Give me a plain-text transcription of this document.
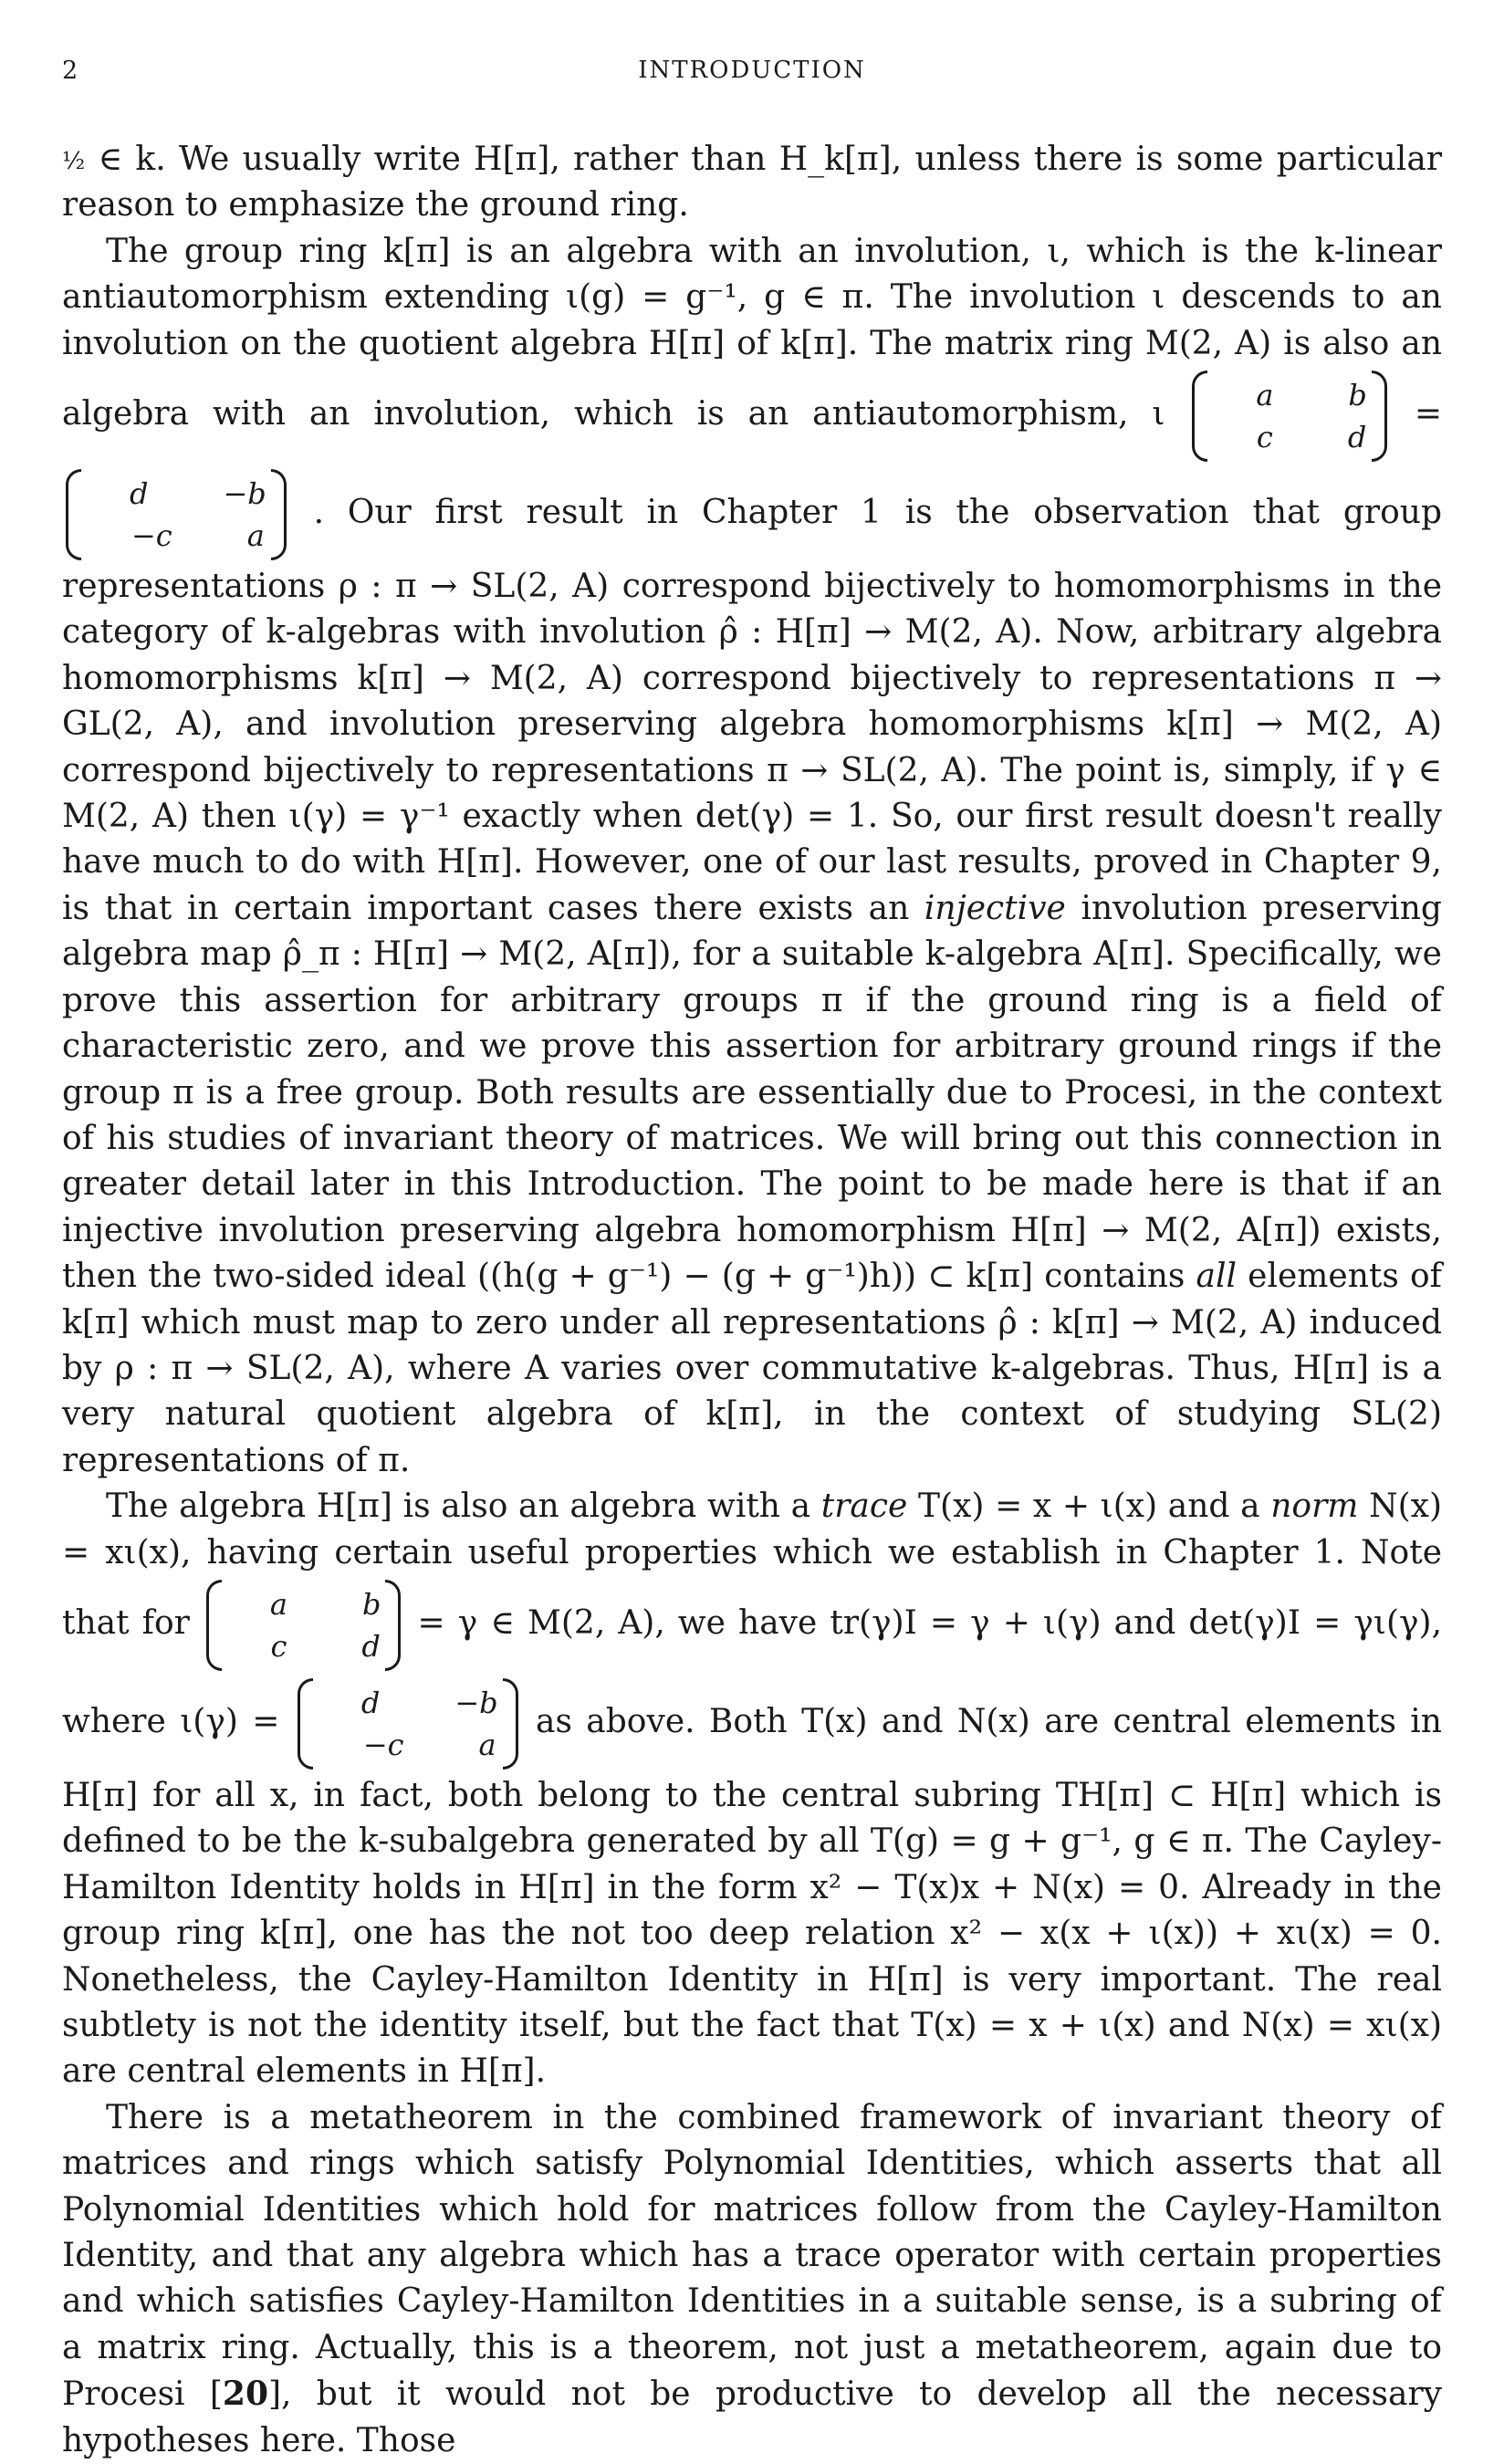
2	INTRODUCTION

½ ∈ k. We usually write H[π], rather than H_k[π], unless there is some particular reason to emphasize the ground ring.

The group ring k[π] is an algebra with an involution, ι, which is the k-linear antiautomorphism extending ι(g) = g⁻¹, g ∈ π. The involution ι descends to an involution on the quotient algebra H[π] of k[π]. The matrix ring M(2, A) is also an algebra with an involution, which is an antiautomorphism, ι	a	b
c	d
=
d	−b
−c	a
. Our first result in Chapter 1 is the observation that group representations ρ : π → SL(2, A) correspond bijectively to homomorphisms in the category of k-algebras with involution ρ̂ : H[π] → M(2, A). Now, arbitrary algebra homomorphisms k[π] → M(2, A) correspond bijectively to representations π → GL(2, A), and involution preserving algebra homomorphisms k[π] → M(2, A) correspond bijectively to representations π → SL(2, A). The point is, simply, if γ ∈ M(2, A) then ι(γ) = γ⁻¹ exactly when det(γ) = 1. So, our first result doesn't really have much to do with H[π]. However, one of our last results, proved in Chapter 9, is that in certain important cases there exists an injective involution preserving algebra map ρ̂_π : H[π] → M(2, A[π]), for a suitable k-algebra A[π]. Specifically, we prove this assertion for arbitrary groups π if the ground ring is a field of characteristic zero, and we prove this assertion for arbitrary ground rings if the group π is a free group. Both results are essentially due to Procesi, in the context of his studies of invariant theory of matrices. We will bring out this connection in greater detail later in this Introduction. The point to be made here is that if an injective involution preserving algebra homomorphism H[π] → M(2, A[π]) exists, then the two-sided ideal ((h(g + g⁻¹) − (g + g⁻¹)h)) ⊂ k[π] contains all elements of k[π] which must map to zero under all representations ρ̂ : k[π] → M(2, A) induced by ρ : π → SL(2, A), where A varies over commutative k-algebras. Thus, H[π] is a very natural quotient algebra of k[π], in the context of studying SL(2) representations of π.

The algebra H[π] is also an algebra with a trace T(x) = x + ι(x) and a norm N(x) = xι(x), having certain useful properties which we establish in Chapter 1. Note that for	a	b
c	d
= γ ∈ M(2, A), we have tr(γ)I = γ + ι(γ) and det(γ)I = γι(γ), where ι(γ) =	d	−b
−c	a
as above. Both T(x) and N(x) are central elements in H[π] for all x, in fact, both belong to the central subring TH[π] ⊂ H[π] which is defined to be the k-subalgebra generated by all T(g) = g + g⁻¹, g ∈ π. The Cayley-Hamilton Identity holds in H[π] in the form x² − T(x)x + N(x) = 0. Already in the group ring k[π], one has the not too deep relation x² − x(x + ι(x)) + xι(x) = 0. Nonetheless, the Cayley-Hamilton Identity in H[π] is very important. The real subtlety is not the identity itself, but the fact that T(x) = x + ι(x) and N(x) = xι(x) are central elements in H[π].

There is a metatheorem in the combined framework of invariant theory of matrices and rings which satisfy Polynomial Identities, which asserts that all Polynomial Identities which hold for matrices follow from the Cayley-Hamilton Identity, and that any algebra which has a trace operator with certain properties and which satisfies Cayley-Hamilton Identities in a suitable sense, is a subring of a matrix ring. Actually, this is a theorem, not just a metatheorem, again due to Procesi [20], but it would not be productive to develop all the necessary hypotheses here. Those
